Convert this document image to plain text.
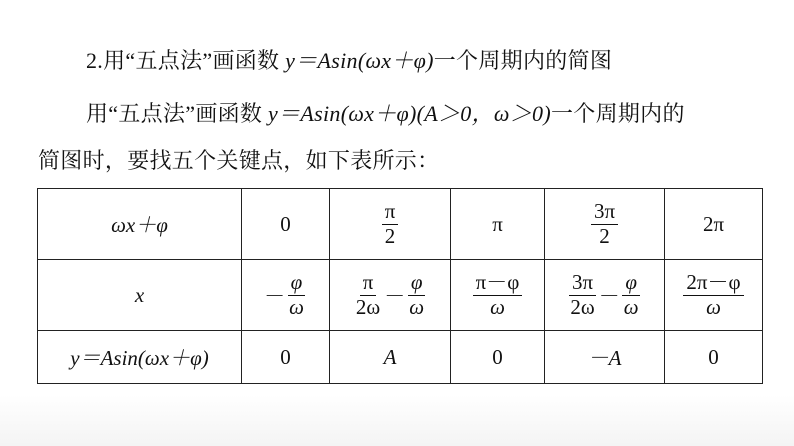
2.用“五点法”画函数 y＝Asin(ωx＋φ)一个周期内的简图
用“五点法”画函数 y＝Asin(ωx＋φ)(A＞0，ω＞0)一个周期内的
简图时，要找五个关键点，如下表所示：
ωx＋φ	0	$\frac{\pi}{2}$	π	$\frac{3\pi}{2}$	2π
x	－ $\frac{\varphi}{\omega}$	$\frac{\pi}{2\omega} - \frac{\varphi}{\omega}$	$\frac{\pi-\varphi}{\omega}$	$\frac{3\pi}{2\omega} - \frac{\varphi}{\omega}$	$\frac{2\pi-\varphi}{\omega}$

y＝Asin(ωx＋φ)	0	A	0	－A	0
